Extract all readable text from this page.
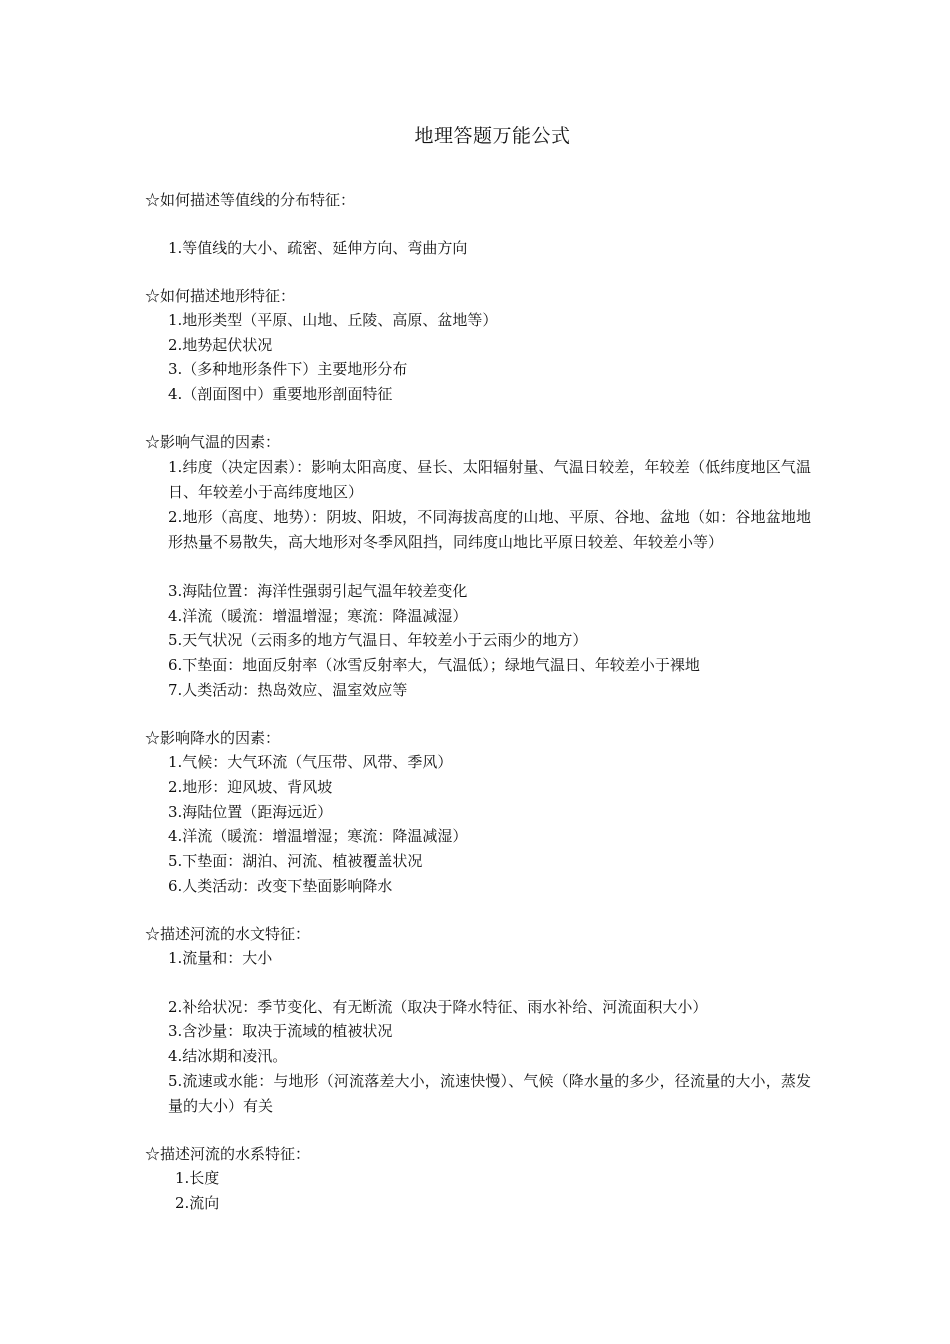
地理答题万能公式
☆如何描述等值线的分布特征：
1.等值线的大小、疏密、延伸方向、弯曲方向
☆如何描述地形特征：
1.地形类型（平原、山地、丘陵、高原、盆地等）
2.地势起伏状况
3.（多种地形条件下）主要地形分布
4.（剖面图中）重要地形剖面特征
☆影响气温的因素：
1.纬度（决定因素）：影响太阳高度、昼长、太阳辐射量、气温日较差，年较差（低纬度地区气温日、年较差小于高纬度地区）
2.地形（高度、地势）：阴坡、阳坡，不同海拔高度的山地、平原、谷地、盆地（如：谷地盆地地形热量不易散失，高大地形对冬季风阻挡，同纬度山地比平原日较差、年较差小等）
3.海陆位置：海洋性强弱引起气温年较差变化
4.洋流（暖流：增温增湿；寒流：降温减湿）
5.天气状况（云雨多的地方气温日、年较差小于云雨少的地方）
6.下垫面：地面反射率（冰雪反射率大，气温低）；绿地气温日、年较差小于裸地
7.人类活动：热岛效应、温室效应等
☆影响降水的因素：
1.气候：大气环流（气压带、风带、季风）
2.地形：迎风坡、背风坡
3.海陆位置（距海远近）
4.洋流（暖流：增温增湿；寒流：降温减湿）
5.下垫面：湖泊、河流、植被覆盖状况
6.人类活动：改变下垫面影响降水
☆描述河流的水文特征：
1.流量和：大小
2.补给状况：季节变化、有无断流（取决于降水特征、雨水补给、河流面积大小）
3.含沙量：取决于流域的植被状况
4.结冰期和凌汛。
5.流速或水能：与地形（河流落差大小，流速快慢）、气候（降水量的多少，径流量的大小，蒸发量的大小）有关
☆描述河流的水系特征：
1.长度
2.流向
